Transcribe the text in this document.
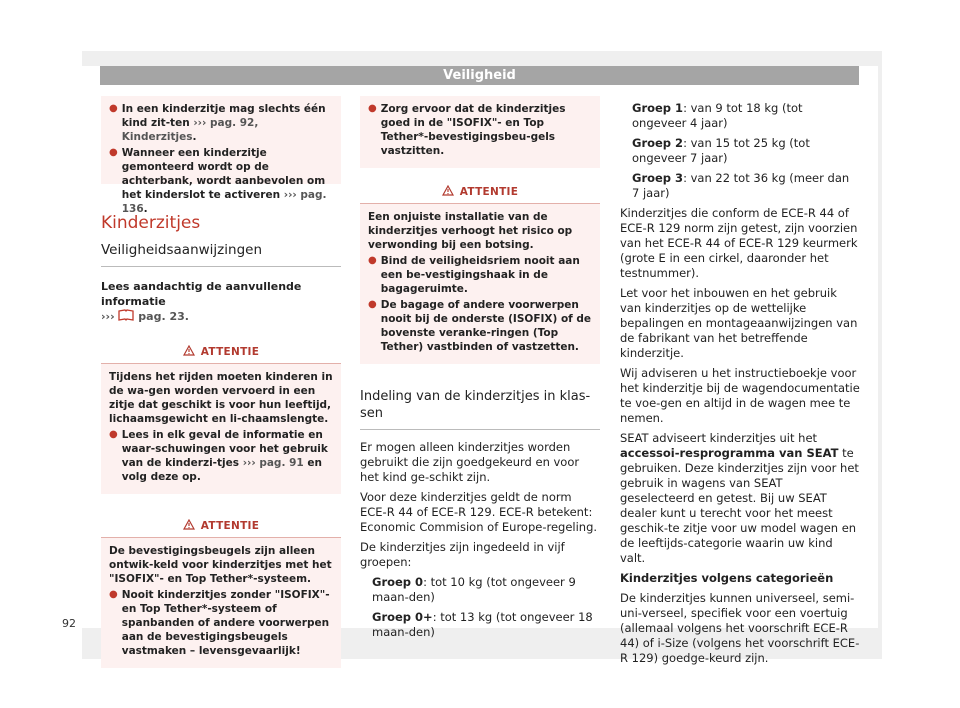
Veiligheid
● In een kinderzitje mag slechts één kind zit-ten ››› pag. 92, Kinderzitjes.
● Wanneer een kinderzitje gemonteerd wordt op de achterbank, wordt aanbevolen om het kinderslot te activeren ››› pag. 136.
Kinderzitjes
Veiligheidsaanwijzingen
Lees aandachtig de aanvullende informatie
››› pag. 23.
ATTENTIE
Tijdens het rijden moeten kinderen in de wa-gen worden vervoerd in een zitje dat geschikt is voor hun leeftijd, lichaamsgewicht en li-chaamslengte.
● Lees in elk geval de informatie en waar-schuwingen voor het gebruik van de kinderzi-tjes ››› pag. 91 en volg deze op.
ATTENTIE
De bevestigingsbeugels zijn alleen ontwik-keld voor kinderzitjes met het "ISOFIX"- en Top Tether*-systeem.
● Nooit kinderzitjes zonder "ISOFIX"- en Top Tether*-systeem of spanbanden of andere voorwerpen aan de bevestigingsbeugels vastmaken – levensgevaarlijk!
● Zorg ervoor dat de kinderzitjes goed in de "ISOFIX"- en Top Tether*-bevestigingsbeu-gels vastzitten.
ATTENTIE
Een onjuiste installatie van de kinderzitjes verhoogt het risico op verwonding bij een botsing.
● Bind de veiligheidsriem nooit aan een be-vestigingshaak in de bagageruimte.
● De bagage of andere voorwerpen nooit bij de onderste (ISOFIX) of de bovenste veranke-ringen (Top Tether) vastbinden of vastzetten.
Indeling van de kinderzitjes in klas-sen

Er mogen alleen kinderzitjes worden gebruikt die zijn goedgekeurd en voor het kind ge-schikt zijn.

Voor deze kinderzitjes geldt de norm ECE-R 44 of ECE-R 129. ECE-R betekent: Economic Commision of Europe-regeling.

De kinderzitjes zijn ingedeeld in vijf groepen:

Groep 0: tot 10 kg (tot ongeveer 9 maan-den)

Groep 0+: tot 13 kg (tot ongeveer 18 maan-den)

Groep 1: van 9 tot 18 kg (tot ongeveer 4 jaar)

Groep 2: van 15 tot 25 kg (tot ongeveer 7 jaar)

Groep 3: van 22 tot 36 kg (meer dan 7 jaar)

Kinderzitjes die conform de ECE-R 44 of ECE-R 129 norm zijn getest, zijn voorzien van het ECE-R 44 of ECE-R 129 keurmerk (grote E in een cirkel, daaronder het testnummer).

Let voor het inbouwen en het gebruik van kinderzitjes op de wettelijke bepalingen en montageaanwijzingen van de fabrikant van het betreffende kinderzitje.

Wij adviseren u het instructieboekje voor het kinderzitje bij de wagendocumentatie te voe-gen en altijd in de wagen mee te nemen.

SEAT adviseert kinderzitjes uit het accessoi-resprogramma van SEAT te gebruiken. Deze kinderzitjes zijn voor het gebruik in wagens van SEAT geselecteerd en getest. Bij uw SEAT dealer kunt u terecht voor het meest geschik-te zitje voor uw model wagen en de leeftijds-categorie waarin uw kind valt.

Kinderzitjes volgens categorieën

De kinderzitjes kunnen universeel, semi-uni-verseel, specifiek voor een voertuig (allemaal volgens het voorschrift ECE-R 44) of i-Size (volgens het voorschrift ECE-R 129) goedge-keurd zijn.

92
